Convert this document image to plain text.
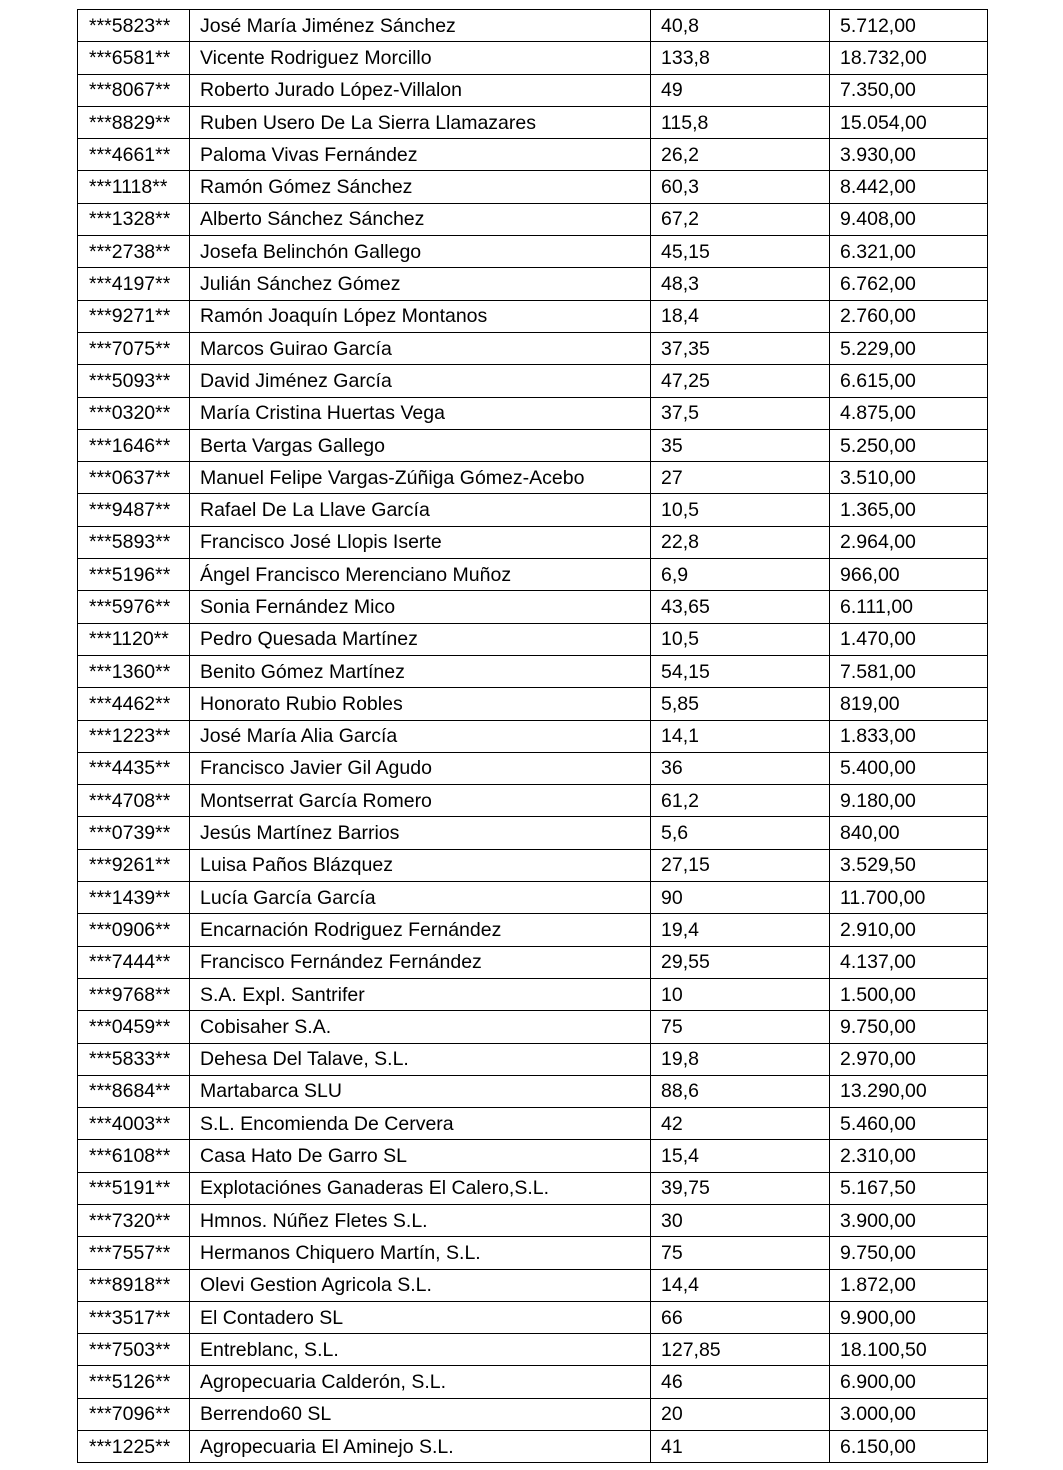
***5823**	José María Jiménez Sánchez	40,8	5.712,00
***6581**	Vicente Rodriguez Morcillo	133,8	18.732,00
***8067**	Roberto Jurado López-Villalon	49	7.350,00
***8829**	Ruben Usero De La Sierra Llamazares	115,8	15.054,00
***4661**	Paloma Vivas Fernández	26,2	3.930,00
***1118**	Ramón Gómez Sánchez	60,3	8.442,00
***1328**	Alberto Sánchez Sánchez	67,2	9.408,00
***2738**	Josefa Belinchón Gallego	45,15	6.321,00
***4197**	Julián Sánchez Gómez	48,3	6.762,00
***9271**	Ramón Joaquín López Montanos	18,4	2.760,00
***7075**	Marcos Guirao García	37,35	5.229,00
***5093**	David Jiménez García	47,25	6.615,00
***0320**	María Cristina Huertas Vega	37,5	4.875,00
***1646**	Berta Vargas Gallego	35	5.250,00
***0637**	Manuel Felipe Vargas-Zúñiga Gómez-Acebo	27	3.510,00
***9487**	Rafael De La Llave García	10,5	1.365,00
***5893**	Francisco José Llopis Iserte	22,8	2.964,00
***5196**	Ángel Francisco Merenciano Muñoz	6,9	966,00
***5976**	Sonia Fernández Mico	43,65	6.111,00
***1120**	Pedro Quesada Martínez	10,5	1.470,00
***1360**	Benito Gómez Martínez	54,15	7.581,00
***4462**	Honorato Rubio Robles	5,85	819,00
***1223**	José María Alia García	14,1	1.833,00
***4435**	Francisco Javier Gil Agudo	36	5.400,00
***4708**	Montserrat García Romero	61,2	9.180,00
***0739**	Jesús Martínez Barrios	5,6	840,00
***9261**	Luisa Paños Blázquez	27,15	3.529,50
***1439**	Lucía García García	90	11.700,00
***0906**	Encarnación Rodriguez Fernández	19,4	2.910,00
***7444**	Francisco Fernández Fernández	29,55	4.137,00
***9768**	S.A. Expl. Santrifer	10	1.500,00
***0459**	Cobisaher S.A.	75	9.750,00
***5833**	Dehesa Del Talave, S.L.	19,8	2.970,00
***8684**	Martabarca SLU	88,6	13.290,00
***4003**	S.L. Encomienda De Cervera	42	5.460,00
***6108**	Casa Hato De Garro SL	15,4	2.310,00
***5191**	Explotaciónes Ganaderas El Calero,S.L.	39,75	5.167,50
***7320**	Hmnos. Núñez Fletes S.L.	30	3.900,00
***7557**	Hermanos Chiquero Martín, S.L.	75	9.750,00
***8918**	Olevi Gestion Agricola S.L.	14,4	1.872,00
***3517**	El Contadero SL	66	9.900,00
***7503**	Entreblanc, S.L.	127,85	18.100,50
***5126**	Agropecuaria Calderón, S.L.	46	6.900,00
***7096**	Berrendo60 SL	20	3.000,00
***1225**	Agropecuaria El Aminejo S.L.	41	6.150,00
